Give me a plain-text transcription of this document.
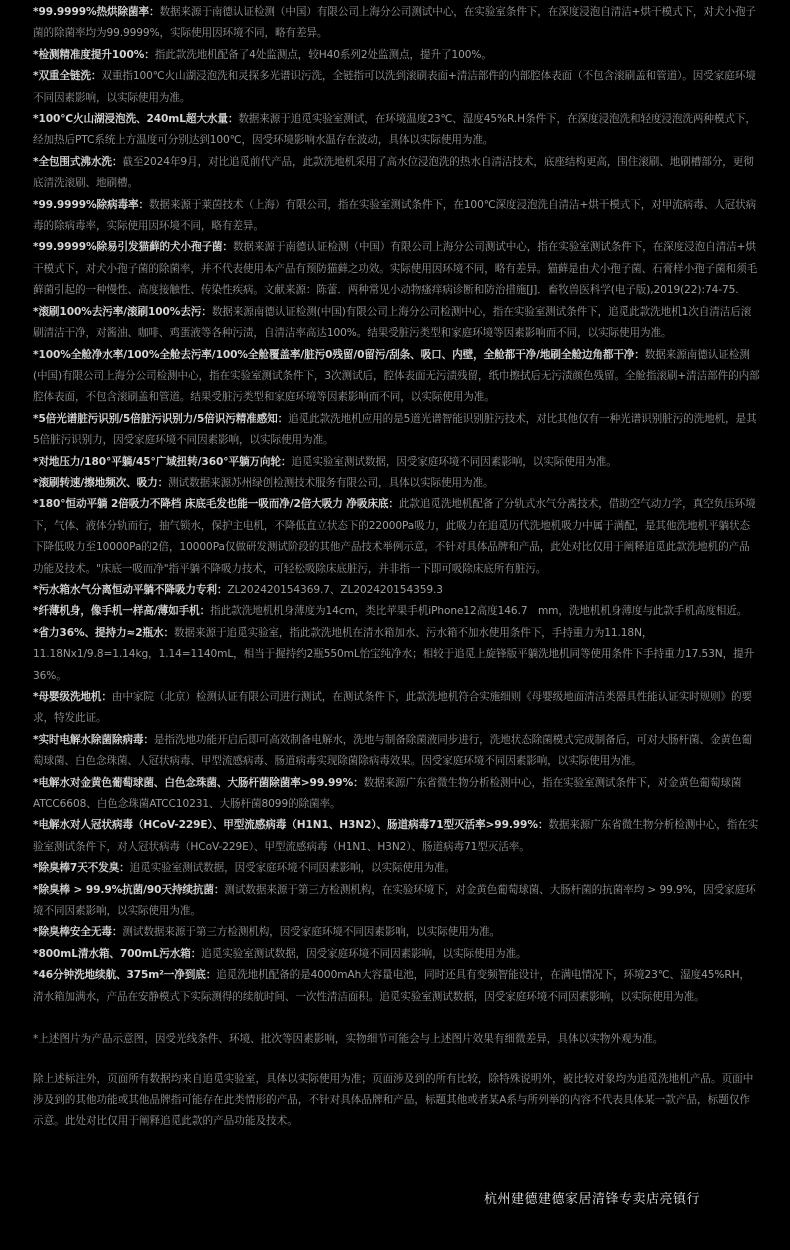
*99.9999%热烘除菌率：数据来源于南德认证检测（中国）有限公司上海分公司测试中心，在实验室条件下，在深度浸泡自清洁+烘干模式下，对犬小孢子菌的除菌率均为99.9999%，实际使用因环境不同，略有差异。

*检测精准度提升100%：指此款洗地机配备了4处监测点，较H40系列2处监测点，提升了100%。

*双重全链洗：双重指100℃火山湖浸泡洗和灵探多光谱识污洗，全链指可以洗到滚刷表面+清洁部件的内部腔体表面（不包含滚刷盖和管道）。因受家庭环境不同因素影响，以实际使用为准。

*100℃火山湖浸泡洗、240mL超大水量：数据来源于追觅实验室测试，在环境温度23℃、湿度45%R.H条件下，在深度浸泡洗和轻度浸泡洗两种模式下，经加热后PTC系统上方温度可分别达到100℃，因受环境影响水温存在波动，具体以实际使用为准。

*全包围式沸水洗：截至2024年9月，对比追觅前代产品，此款洗地机采用了高水位浸泡洗的热水自清洁技术，底座结构更高，围住滚刷、地刷槽部分，更彻底清洗滚刷、地刷槽。

*99.9999%除病毒率：数据来源于莱茵技术（上海）有限公司，指在实验室测试条件下，在100℃深度浸泡洗自清洁+烘干模式下，对甲流病毒、人冠状病毒的除病毒率，实际使用因环境不同，略有差异。

*99.9999%除易引发猫藓的犬小孢子菌：数据来源于南德认证检测（中国）有限公司上海分公司测试中心，指在实验室测试条件下，在深度浸泡自清洁+烘干模式下，对犬小孢子菌的除菌率，并不代表使用本产品有预防猫藓之功效。实际使用因环境不同，略有差异。猫藓是由犬小孢子菌、石膏样小孢子菌和须毛藓菌引起的一种慢性、高度接触性、传染性疾病。文献来源：陈蕾．两种常见小动物瘙痒病诊断和防治措施[J]．畜牧兽医科学(电子版),2019(22):74-75.

*滚刷100%去污率/滚刷100%去污：数据来源南德认证检测(中国)有限公司上海分公司检测中心，指在实验室测试条件下，追觅此款洗地机1次自清洁后滚刷清洁干净，对酱油、咖啡、鸡蛋液等各种污渍，自清洁率高达100%。结果受脏污类型和家庭环境等因素影响而不同，以实际使用为准。

*100%全舱净水率/100%全舱去污率/100%全舱覆盖率/脏污0残留/0留污/刮条、吸口、内壁，全舱都干净/地刷全舱边角都干净：数据来源南德认证检测(中国)有限公司上海分公司检测中心，指在实验室测试条件下，3次测试后，腔体表面无污渍残留，纸巾擦拭后无污渍颜色残留。全舱指滚刷+清洁部件的内部腔体表面，不包含滚刷盖和管道。结果受脏污类型和家庭环境等因素影响而不同，以实际使用为准。

*5倍光谱脏污识别/5倍脏污识别力/5倍识污精准感知：追觅此款洗地机应用的是5道光谱智能识别脏污技术，对比其他仅有一种光谱识别脏污的洗地机，是其5倍脏污识别力，因受家庭环境不同因素影响，以实际使用为准。

*对地压力/180°平躺/45°广域扭转/360°平躺万向轮：追觅实验室测试数据，因受家庭环境不同因素影响，以实际使用为准。

*滚刷转速/擦地频次、吸力：测试数据来源苏州绿创检测技术服务有限公司，具体以实际使用为准。

*180°恒动平躺 2倍吸力不降档 床底毛发也能一吸而净/2倍大吸力 净吸床底：此款追觅洗地机配备了分轨式水气分离技术，借助空气动力学，真空负压环境下，气体、液体分轨而行，抽气锁水，保护主电机，不降低直立状态下的22000Pa吸力，此吸力在追觅历代洗地机吸力中属于满配，是其他洗地机平躺状态下降低吸力至10000Pa的2倍，10000Pa仅做研发测试阶段的其他产品技术举例示意，不针对具体品牌和产品，此处对比仅用于阐释追觅此款洗地机的产品功能及技术。"床底一吸而净"指平躺不降吸力技术，可轻松吸除床底脏污，并非指一下即可吸除床底所有脏污。

*污水箱水气分离恒动平躺不降吸力专利：ZL202420154369.7、ZL202420154359.3

*纤薄机身，像手机一样高/薄如手机：指此款洗地机机身薄度为14cm，类比苹果手机iPhone12高度146.7　mm，洗地机机身薄度与此款手机高度相近。

*省力36%、提持力≈2瓶水：数据来源于追觅实验室，指此款洗地机在清水箱加水、污水箱不加水使用条件下，手持重力为11.18N，11.18Nx1/9.8=1.14kg，1.14=1140mL，相当于握持约2瓶550mL怡宝纯净水；相较于追觅上旋锋版平躺洗地机同等使用条件下手持重力17.53N，提升36%。

*母婴级洗地机：由中家院（北京）检测认证有限公司进行测试，在测试条件下，此款洗地机符合实施细则《母婴级地面清洁类器具性能认证实时规则》的要求，特发此证。

*实时电解水除菌除病毒：是指洗地功能开启后即可高效制备电解水，洗地与制备除菌液同步进行，洗地状态除菌模式完成制备后，可对大肠杆菌、金黄色葡萄球菌、白色念珠菌、人冠状病毒、甲型流感病毒、肠道病毒实现除菌除病毒效果。因受家庭环境不同因素影响，以实际使用为准。

*电解水对金黄色葡萄球菌、白色念珠菌、大肠杆菌除菌率>99.99%：数据来源广东省微生物分析检测中心，指在实验室测试条件下，对金黄色葡萄球菌ATCC6608、白色念珠菌ATCC10231、大肠杆菌8099的除菌率。

*电解水对人冠状病毒（HCoV-229E）、甲型流感病毒（H1N1、H3N2）、肠道病毒71型灭活率>99.99%：数据来源广东省微生物分析检测中心，指在实验室测试条件下，对人冠状病毒（HCoV-229E）、甲型流感病毒（H1N1、H3N2）、肠道病毒71型灭活率。

*除臭棒7天不发臭：追觅实验室测试数据，因受家庭环境不同因素影响，以实际使用为准。

*除臭棒 > 99.9%抗菌/90天持续抗菌：测试数据来源于第三方检测机构，在实验环境下，对金黄色葡萄球菌、大肠杆菌的抗菌率均 > 99.9%，因受家庭环境不同因素影响，以实际使用为准。

*除臭棒安全无毒：测试数据来源于第三方检测机构，因受家庭环境不同因素影响，以实际使用为准。

*800mL清水箱、700mL污水箱：追觅实验室测试数据，因受家庭环境不同因素影响，以实际使用为准。

*46分钟洗地续航、375m²一净到底：追觅洗地机配备的是4000mAh大容量电池，同时还具有变频智能设计，在满电情况下，环境23℃、湿度45%RH，清水箱加满水，产品在安静模式下实际测得的续航时间、一次性清洁面积。追觅实验室测试数据，因受家庭环境不同因素影响，以实际使用为准。

*上述图片为产品示意图，因受光线条件、环境、批次等因素影响，实物细节可能会与上述图片效果有细微差异，具体以实物外观为准。

除上述标注外，页面所有数据均来自追觅实验室，具体以实际使用为准；页面涉及到的所有比较，除特殊说明外，被比较对象均为追觅洗地机产品。页面中涉及到的其他功能或其他品牌指可能存在此类情形的产品，不针对具体品牌和产品，标题其他或者某A系与所列举的内容不代表具体某一款产品，标题仅作示意。此处对比仅用于阐释追觅此款的产品功能及技术。

杭州建德建德家居清锋专卖店亮镇行
